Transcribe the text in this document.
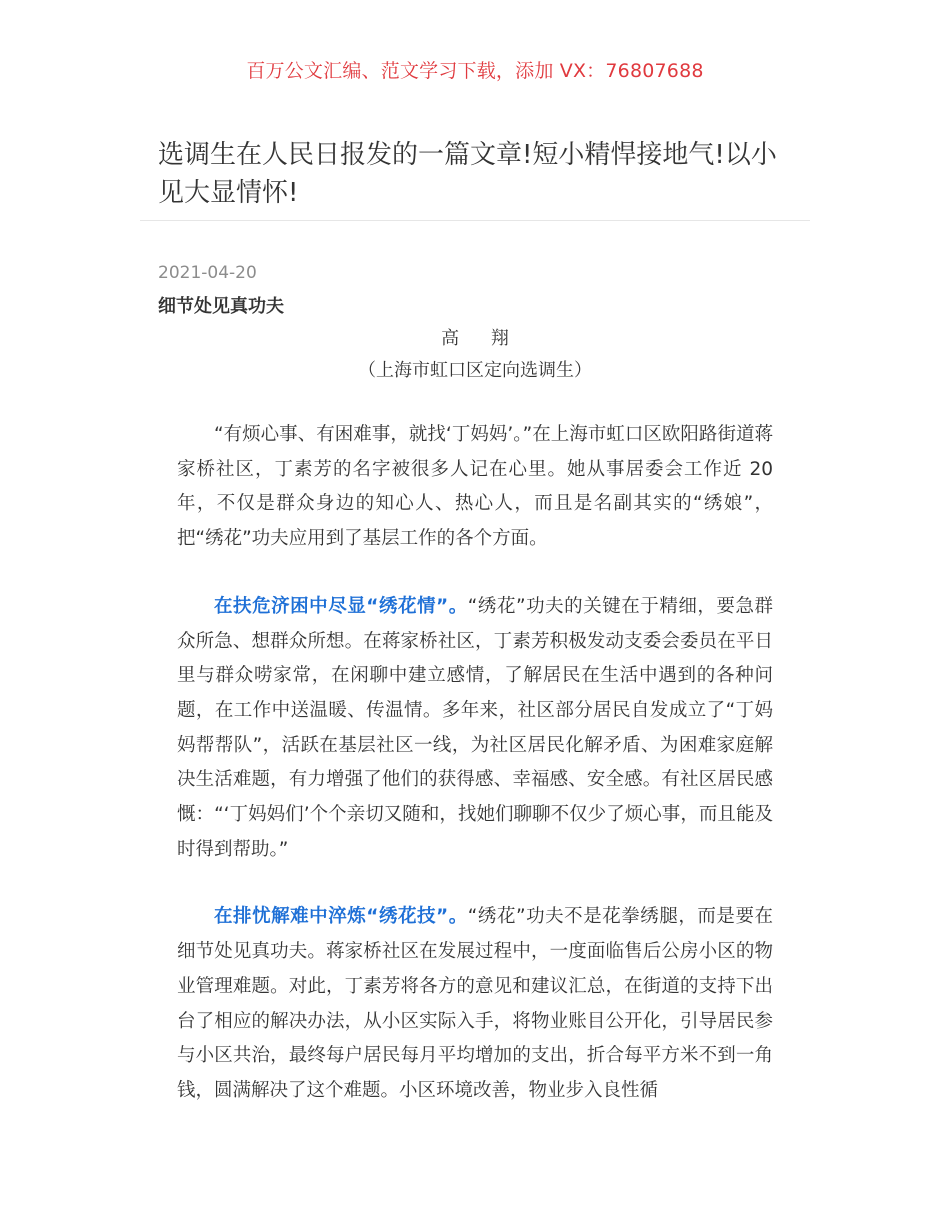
百万公文汇编、范文学习下载，添加 VX：76807688
选调生在人民日报发的一篇文章!短小精悍接地气!以小见大显情怀!
2021-04-20
细节处见真功夫
高 翔
（上海市虹口区定向选调生）

“有烦心事、有困难事，就找‘丁妈妈’。”在上海市虹口区欧阳路街道蒋家桥社区，丁素芳的名字被很多人记在心里。她从事居委会工作近 20 年，不仅是群众身边的知心人、热心人，而且是名副其实的“绣娘”，把“绣花”功夫应用到了基层工作的各个方面。

在扶危济困中尽显“绣花情”。“绣花”功夫的关键在于精细，要急群众所急、想群众所想。在蒋家桥社区，丁素芳积极发动支委会委员在平日里与群众唠家常，在闲聊中建立感情，了解居民在生活中遇到的各种问题，在工作中送温暖、传温情。多年来，社区部分居民自发成立了“丁妈妈帮帮队”，活跃在基层社区一线，为社区居民化解矛盾、为困难家庭解决生活难题，有力增强了他们的获得感、幸福感、安全感。有社区居民感慨：“‘丁妈妈们’个个亲切又随和，找她们聊聊不仅少了烦心事，而且能及时得到帮助。”

在排忧解难中淬炼“绣花技”。“绣花”功夫不是花拳绣腿，而是要在细节处见真功夫。蒋家桥社区在发展过程中，一度面临售后公房小区的物业管理难题。对此，丁素芳将各方的意见和建议汇总，在街道的支持下出台了相应的解决办法，从小区实际入手，将物业账目公开化，引导居民参与小区共治，最终每户居民每月平均增加的支出，折合每平方米不到一角钱，圆满解决了这个难题。小区环境改善，物业步入良性循
